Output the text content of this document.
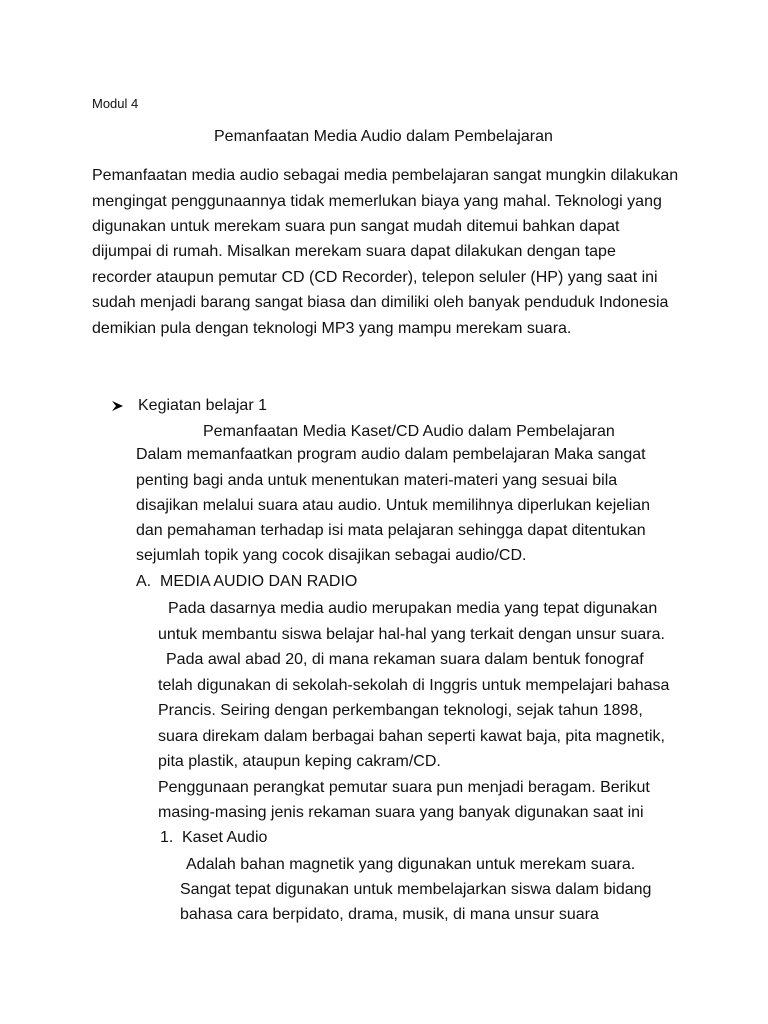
Modul 4
Pemanfaatan Media Audio dalam Pembelajaran
Pemanfaatan media audio sebagai media pembelajaran sangat mungkin dilakukan
mengingat penggunaannya tidak memerlukan biaya yang mahal. Teknologi yang
digunakan untuk merekam suara pun sangat mudah ditemui bahkan dapat
dijumpai di rumah. Misalkan merekam suara dapat dilakukan dengan tape
recorder ataupun pemutar CD (CD Recorder), telepon seluler (HP) yang saat ini
sudah menjadi barang sangat biasa dan dimiliki oleh banyak penduduk Indonesia
demikian pula dengan teknologi MP3 yang mampu merekam suara.
Kegiatan belajar 1
Pemanfaatan Media Kaset/CD Audio dalam Pembelajaran
Dalam memanfaatkan program audio dalam pembelajaran Maka sangat
penting bagi anda untuk menentukan materi-materi yang sesuai bila
disajikan melalui suara atau audio. Untuk memilihnya diperlukan kejelian
dan pemahaman terhadap isi mata pelajaran sehingga dapat ditentukan
sejumlah topik yang cocok disajikan sebagai audio/CD.
A. MEDIA AUDIO DAN RADIO
Pada dasarnya media audio merupakan media yang tepat digunakan
untuk membantu siswa belajar hal-hal yang terkait dengan unsur suara.
Pada awal abad 20, di mana rekaman suara dalam bentuk fonograf
telah digunakan di sekolah-sekolah di Inggris untuk mempelajari bahasa
Prancis. Seiring dengan perkembangan teknologi, sejak tahun 1898,
suara direkam dalam berbagai bahan seperti kawat baja, pita magnetik,
pita plastik, ataupun keping cakram/CD.
Penggunaan perangkat pemutar suara pun menjadi beragam. Berikut
masing-masing jenis rekaman suara yang banyak digunakan saat ini
1. Kaset Audio
Adalah bahan magnetik yang digunakan untuk merekam suara.
Sangat tepat digunakan untuk membelajarkan siswa dalam bidang
bahasa cara berpidato, drama, musik, di mana unsur suara
